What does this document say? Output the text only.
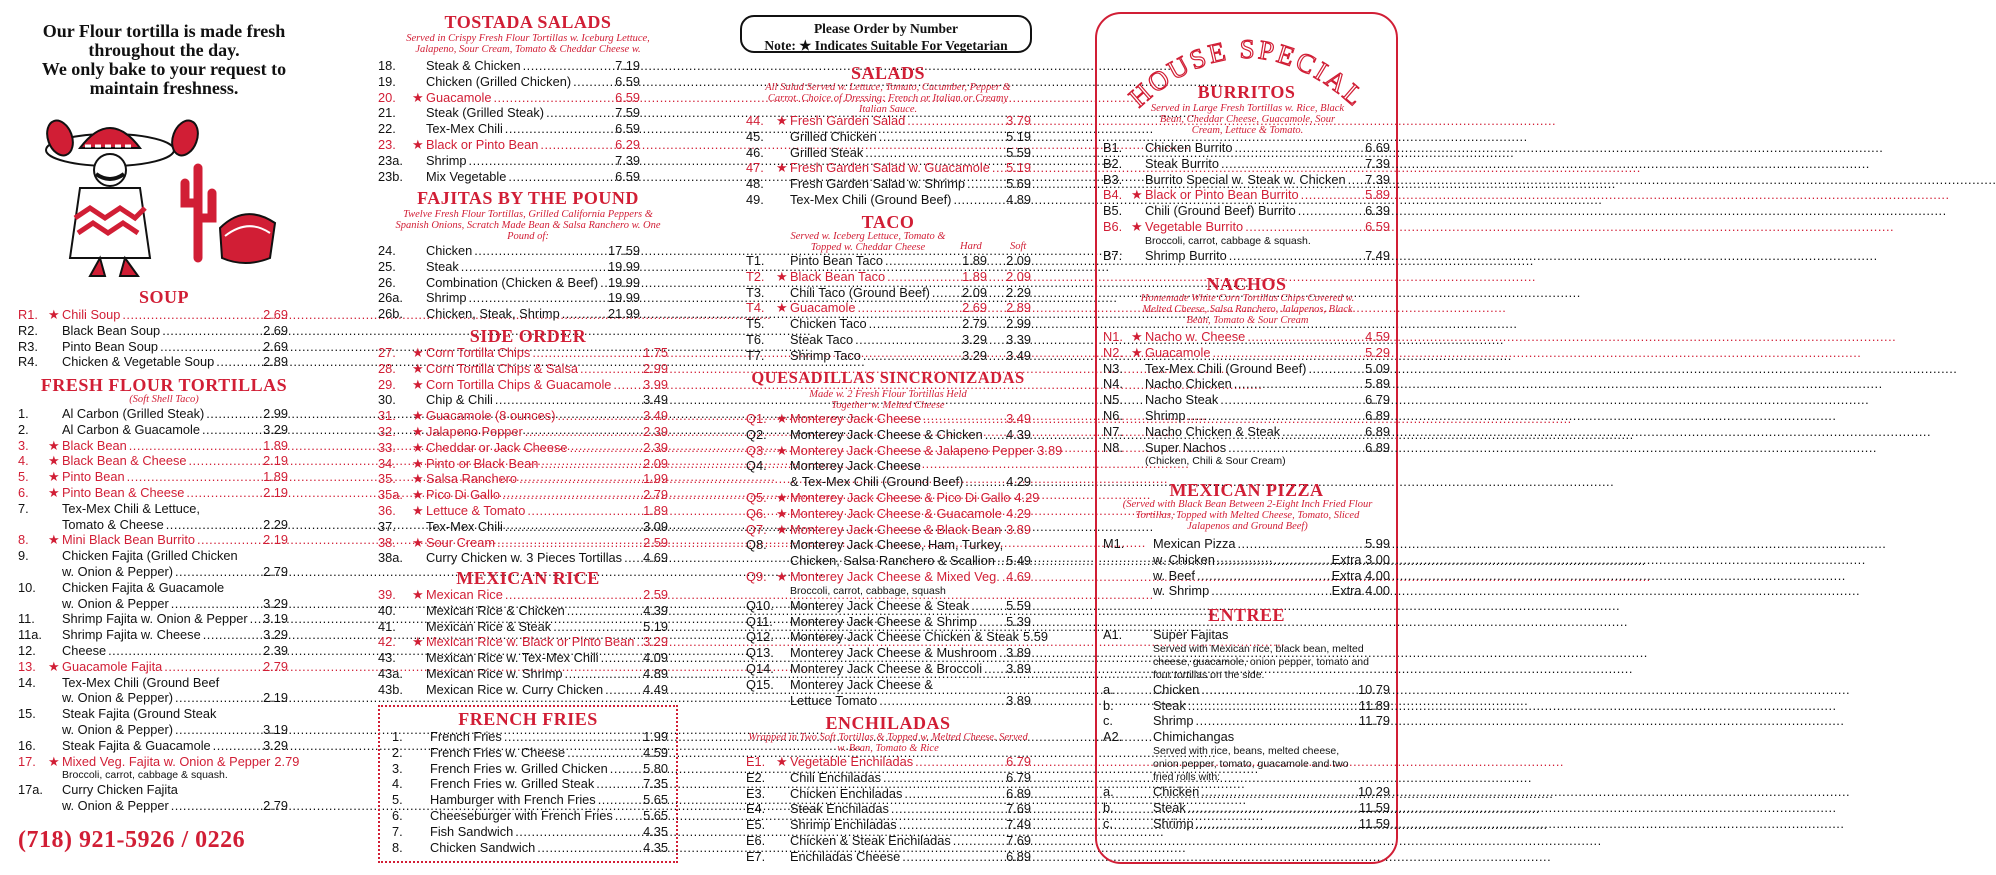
Our Flour tortilla is made fresh
throughout the day.
We only bake to your request to
maintain freshness.
SOUP
R1. ★ Chili Soup .....	2.69
R2.	Black Bean Soup .....	2.69
R3.	Pinto Bean Soup .....	2.69
R4.	Chicken & Vegetable Soup .....	2.89
FRESH FLOUR TORTILLAS
(Soft Shell Taco)
1.	Al Carbon (Grilled Steak) .....	2.99
2.	Al Carbon & Guacamole .....	3.29
3.	★ Black Bean .....	1.89
4.	★ Black Bean & Cheese .....	2.19
5.	★ Pinto Bean .....	1.89
6.	★ Pinto Bean & Cheese .....	2.19
7.	Tex-Mex Chili & Lettuce,
Tomato & Cheese .....	2.29
8.	★ Mini Black Bean Burrito .....	2.19
9.	Chicken Fajita (Grilled Chicken
w. Onion & Pepper) .....	2.79
10.	Chicken Fajita & Guacamole
w. Onion & Pepper .....	3.29
11.	Shrimp Fajita w. Onion & Pepper ..... 3.19
11a.	Shrimp Fajita w. Cheese .....	3.29
12.	Cheese .....	2.39
13. ★ Guacamole Fajita .....	2.79
14.	Tex-Mex Chili (Ground Beef
w. Onion & Pepper) .....	2.19
15.	Steak Fajita (Ground Steak
w. Onion & Pepper) .....	3.19
16.	Steak Fajita & Guacamole .....	3.29
17. ★ Mixed Veg. Fajita w. Onion & Pepper 2.79
Broccoli, carrot, cabbage & squash.
17a.	Curry Chicken Fajita
w. Onion & Pepper .....	2.79
(718) 921-5926 / 0226
TOSTADA SALADS
Served in Crispy Fresh Flour Tortillas w. Iceburg Lettuce, Jalapeno, Sour Cream, Tomato & Cheddar Cheese w.
18.	Steak & Chicken .....	7.19
19.	Chicken (Grilled Chicken) .....	6.59
20.	★ Guacamole .....	6.59
21.	Steak (Grilled Steak) .....	7.59
22.	Tex-Mex Chili .....	6.59
23.	★ Black or Pinto Bean .....	6.29
23a.	Shrimp .....	7.39
23b.	Mix Vegetable .....	6.59
FAJITAS BY THE POUND
Twelve Fresh Flour Tortillas, Grilled California Peppers & Spanish Onions, Scratch Made Bean & Salsa Ranchero w. One Pound of:
24.	Chicken .....	17.59
25.	Steak .....	19.99
26.	Combination (Chicken & Beef) ..... 19.99
26a.	Shrimp .....	19.99
26b.	Chicken, Steak, Shrimp .....	21.99
SIDE ORDER
27.	★ Corn Tortilla Chips .....	1.75
28.	★ Corn Tortilla Chips & Salsa .....	2.99
29.	★ Corn Tortilla Chips & Guacamole ..... 3.99
30.	Chip & Chili .....	3.49
31.	★ Guacamole (8 ounces) .....	3.49
32.	★ Jalapeno Pepper .....	2.39
33.	★ Cheddar or Jack Cheese .....	2.39
34.	★ Pinto or Black Bean .....	2.09
35.	★ Salsa Ranchero .....	1.99
35a. ★ Pico Di Gallo .....	2.79
36.	★ Lettuce & Tomato .....	1.89
37.	Tex-Mex Chili .....	3.09
38.	★ Sour Cream .....	2.59
38a.	Curry Chicken w. 3 Pieces Tortillas ..... 4.69
MEXICAN RICE
39.	★ Mexican Rice .....	2.59
40.	Mexican Rice & Chicken .....	4.39
41.	Mexican Rice & Steak .....	5.19
42.	★ Mexican Rice w. Black or Pinto Bean ..... 3.29
43.	Mexican Rice w. Tex-Mex Chili .....	4.09
43a.	Mexican Rice w. Shrimp .....	4.89
43b.	Mexican Rice w. Curry Chicken .....	4.49
FRENCH FRIES
1.	French Fries .....	1.99
2.	French Fries w. Cheese .....	4.59
3.	French Fries w. Grilled Chicken .....	5.80
4.	French Fries w. Grilled Steak .....	7.35
5.	Hamburger with French Fries .....	5.65
6.	Cheeseburger with French Fries ..... 5.65
7.	Fish Sandwich .....	4.35
8.	Chicken Sandwich .....	4.35
Please Order by Number
Note: ★ Indicates Suitable For Vegetarian
SALADS
All Salad Served w. Lettuce, Tomato, Cucumber, Pepper & Carrot. Choice of Dressing: French or Italian or Creamy Italian Sauce.
44. ★ Fresh Garden Salad .....	3.79
45.	Grilled Chicken .....	5.19
46.	Grilled Steak .....	5.59
47. ★ Fresh Garden Salad w. Guacamole ..... 5.19
48.	Fresh Garden Salad w. Shrimp .....	5.69
49.	Tex-Mex Chili (Ground Beef) .....	4.89
TACO
Served w. Iceberg Lettuce, Tomato & Topped w. Cheddar Cheese	Hard	Soft
T1.	Pinto Bean Taco .....	1.89	2.09
T2. ★ Black Bean Taco .....	1.89	2.09
T3.	Chili Taco (Ground Beef) .....	2.09	2.29
T4. ★ Guacamole .....	2.69	2.89
T5.	Chicken Taco .....	2.79	2.99
T6.	Steak Taco .....	3.29	3.39
T7.	Shrimp Taco .....	3.29	3.49
QUESADILLAS SINCRONIZADAS
Made w. 2 Fresh Flour Tortillas Held Together w. Melted Cheese
Q1. ★ Monterey Jack Cheese .....	3.49
Q2.	Monterey Jack Cheese & Chicken ..... 4.39
Q3. ★ Monterey Jack Cheese & Jalapeno Pepper 3.89
Q4.	Monterey Jack Cheese
& Tex-Mex Chili (Ground Beef) .....	4.29
Q5. ★ Monterey Jack Cheese & Pico Di Gallo 4.29
Q6. ★ Monterey Jack Cheese & Guacamole ..... 4.29
Q7. ★ Monterey Jack Cheese & Black Bean ..... 3.89
Q8.	Monterey Jack Cheese, Ham, Turkey,
Chicken, Salsa Ranchero & Scallion ..... 5.49
Q9. ★ Monterey Jack Cheese & Mixed Veg. ..... 4.69
Broccoli, carrot, cabbage, squash
Q10. Monterey Jack Cheese & Steak .....	5.59
Q11. Monterey Jack Cheese & Shrimp ..... 5.39
Q12. Monterey Jack Cheese Chicken & Steak 5.59
Q13. Monterey Jack Cheese & Mushroom ..... 3.89
Q14. Monterey Jack Cheese & Broccoli ..... 3.89
Q15. Monterey Jack Cheese &
Lettuce Tomato .....	3.89
ENCHILADAS
Wrapped in Two Soft Tortillas & Topped w. Melted Cheese. Served w. Bean, Tomato & Rice
E1. ★ Vegetable Enchiladas .....	6.79
E2.	Chili Enchiladas .....	6.79
E3.	Chicken Enchiladas .....	6.89
E4.	Steak Enchiladas .....	7.69
E5.	Shrimp Enchiladas .....	7.49
E6.	Chicken & Steak Enchiladas .....	7.69
E7.	Enchiladas Cheese .....	6.89
HOUSE SPECIAL
BURRITOS
Served in Large Fresh Tortillas w. Rice, Black Bean, Cheddar Cheese, Guacamole, Sour Cream, Lettuce & Tomato.
B1.	Chicken Burrito .....	6.69
B2.	Steak Burrito .....	7.39
B3.	Burrito Special w. Steak w. Chicken ..... 7.39
B4. ★ Black or Pinto Bean Burrito .....	5.89
B5.	Chili (Ground Beef) Burrito .....	6.39
B6. ★ Vegetable Burrito .....	6.59
Broccoli, carrot, cabbage & squash.
B7.	Shrimp Burrito .....	7.49
NACHOS
Homemade White Corn Tortillas Chips Covered w. Melted Cheese, Salsa Ranchero, Jalapenos, Black Bean, Tomato & Sour Cream
N1. ★ Nacho w. Cheese .....	4.59
N2. ★ Guacamole .....	5.29
N3.	Tex-Mex Chili (Ground Beef) .....	5.09
N4.	Nacho Chicken .....	5.89
N5.	Nacho Steak .....	6.79
N6.	Shrimp .....	6.89
N7.	Nacho Chicken & Steak .....	6.89
N8.	Super Nachos .....	6.89
(Chicken, Chili & Sour Cream)
MEXICAN PIZZA
(Served with Black Bean Between 2-Eight Inch Fried Flour Tortillas, Topped with Melted Cheese, Tomato, Sliced Jalapenos and Ground Beef)
M1.	Mexican Pizza .....	5.99
w. Chicken .....	Extra 3.00
w. Beef .....	Extra 4.00
w. Shrimp .....	Extra 4.00
ENTREE
A1.	Super Fajitas
Served with Mexican rice, black bean, melted
cheese, guacamole, onion pepper, tomato and
four tortillas on the side.
a.	Chicken .....	10.79
b.	Steak .....	11.89
c.	Shrimp .....	11.79
A2.	Chimichangas
Served with rice, beans, melted cheese,
onion pepper, tomato, guacamole and two
fried rolls with:
a.	Chicken .....	10.29
b.	Steak .....	11.59
c.	Shrimp .....	11.59
